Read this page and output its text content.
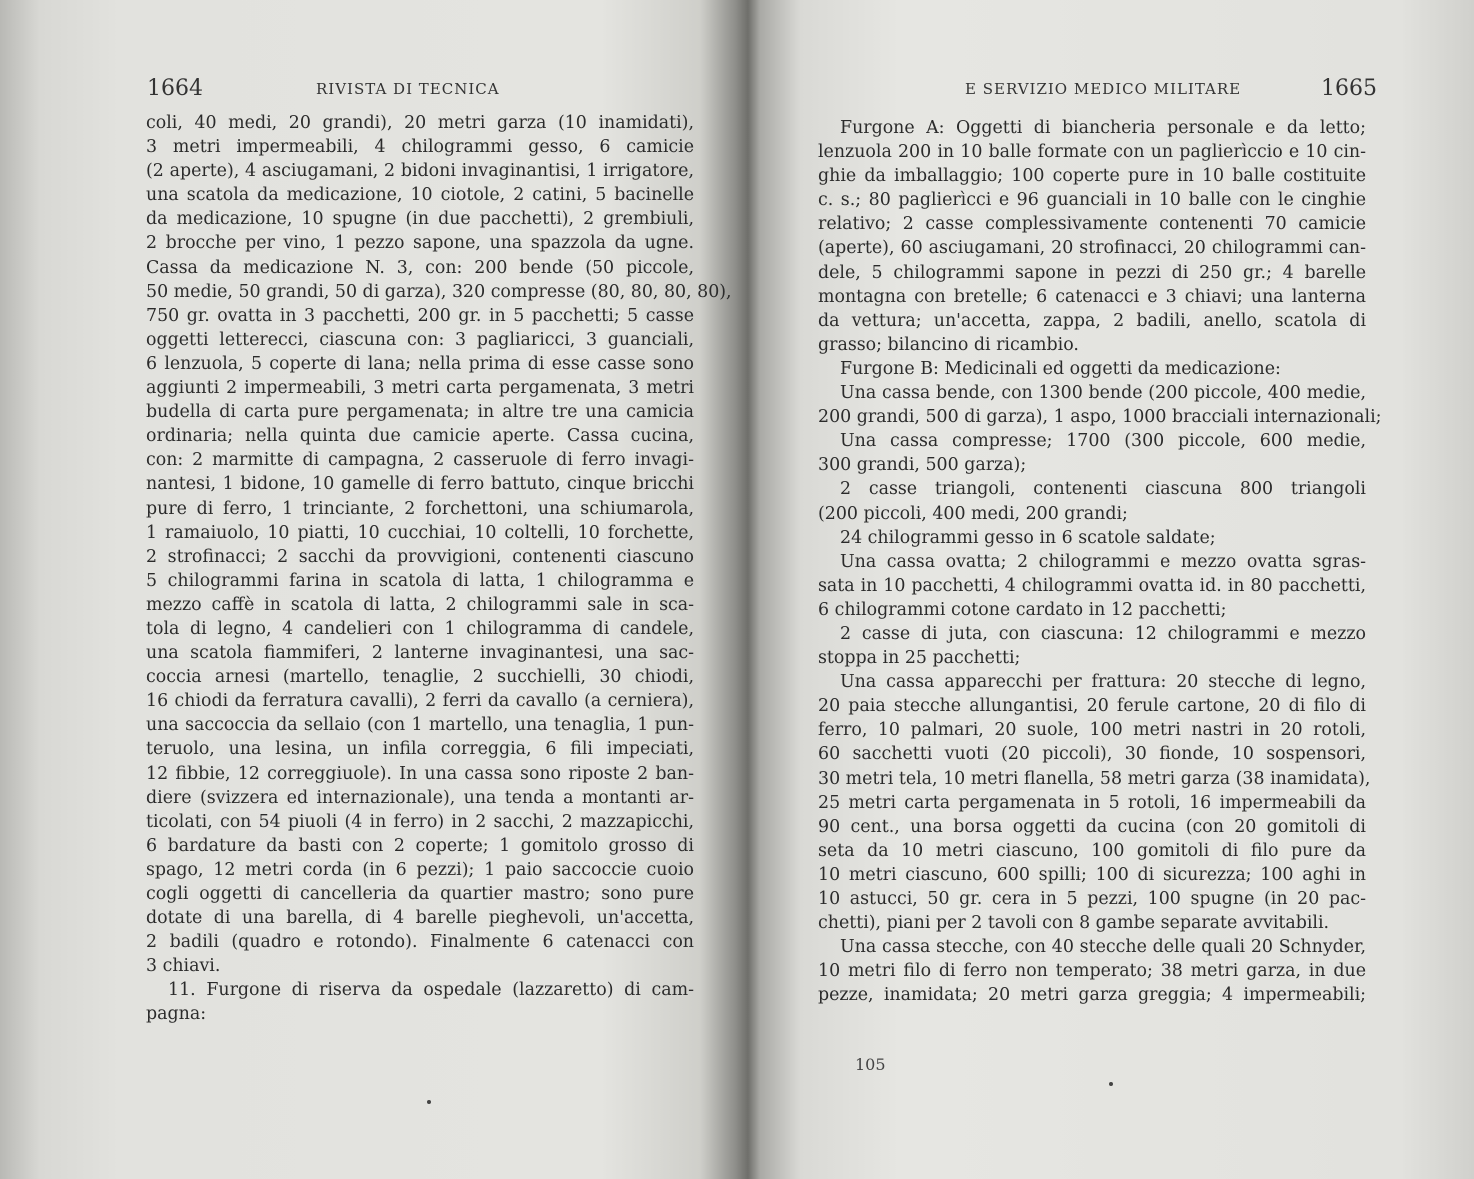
1664	RIVISTA DI TECNICA
coli, 40 medi, 20 grandi), 20 metri garza (10 inamidati),
3 metri impermeabili, 4 chilogrammi gesso, 6 camicie
(2 aperte), 4 asciugamani, 2 bidoni invaginantisi, 1 irrigatore,
una scatola da medicazione, 10 ciotole, 2 catini, 5 bacinelle
da medicazione, 10 spugne (in due pacchetti), 2 grembiuli,
2 brocche per vino, 1 pezzo sapone, una spazzola da ugne.
Cassa da medicazione N. 3, con: 200 bende (50 piccole,
50 medie, 50 grandi, 50 di garza), 320 compresse (80, 80, 80, 80),
750 gr. ovatta in 3 pacchetti, 200 gr. in 5 pacchetti; 5 casse
oggetti letterecci, ciascuna con: 3 pagliaricci, 3 guanciali,
6 lenzuola, 5 coperte di lana; nella prima di esse casse sono
aggiunti 2 impermeabili, 3 metri carta pergamenata, 3 metri
budella di carta pure pergamenata; in altre tre una camicia
ordinaria; nella quinta due camicie aperte. Cassa cucina,
con: 2 marmitte di campagna, 2 casseruole di ferro invagi-
nantesi, 1 bidone, 10 gamelle di ferro battuto, cinque bricchi
pure di ferro, 1 trinciante, 2 forchettoni, una schiumarola,
1 ramaiuolo, 10 piatti, 10 cucchiai, 10 coltelli, 10 forchette,
2 strofinacci; 2 sacchi da provvigioni, contenenti ciascuno
5 chilogrammi farina in scatola di latta, 1 chilogramma e
mezzo caffè in scatola di latta, 2 chilogrammi sale in sca-
tola di legno, 4 candelieri con 1 chilogramma di candele,
una scatola fiammiferi, 2 lanterne invaginantesi, una sac-
coccia arnesi (martello, tenaglie, 2 succhielli, 30 chiodi,
16 chiodi da ferratura cavalli), 2 ferri da cavallo (a cerniera),
una saccoccia da sellaio (con 1 martello, una tenaglia, 1 pun-
teruolo, una lesina, un infila correggia, 6 fili impeciati,
12 fibbie, 12 correggiuole). In una cassa sono riposte 2 ban-
diere (svizzera ed internazionale), una tenda a montanti ar-
ticolati, con 54 piuoli (4 in ferro) in 2 sacchi, 2 mazzapicchi,
6 bardature da basti con 2 coperte; 1 gomitolo grosso di
spago, 12 metri corda (in 6 pezzi); 1 paio saccoccie cuoio
cogli oggetti di cancelleria da quartier mastro; sono pure
dotate di una barella, di 4 barelle pieghevoli, un'accetta,
2 badili (quadro e rotondo). Finalmente 6 catenacci con
3 chiavi.
11. Furgone di riserva da ospedale (lazzaretto) di cam-
pagna:
E SERVIZIO MEDICO MILITARE	1665
Furgone A: Oggetti di biancheria personale e da letto;
lenzuola 200 in 10 balle formate con un paglierìccio e 10 cin-
ghie da imballaggio; 100 coperte pure in 10 balle costituite
c. s.; 80 paglierìcci e 96 guanciali in 10 balle con le cinghie
relativo; 2 casse complessivamente contenenti 70 camicie
(aperte), 60 asciugamani, 20 strofinacci, 20 chilogrammi can-
dele, 5 chilogrammi sapone in pezzi di 250 gr.; 4 barelle
montagna con bretelle; 6 catenacci e 3 chiavi; una lanterna
da vettura; un'accetta, zappa, 2 badili, anello, scatola di
grasso; bilancino di ricambio.
Furgone B: Medicinali ed oggetti da medicazione:
Una cassa bende, con 1300 bende (200 piccole, 400 medie,
200 grandi, 500 di garza), 1 aspo, 1000 bracciali internazionali;
Una cassa compresse; 1700 (300 piccole, 600 medie,
300 grandi, 500 garza);
2 casse triangoli, contenenti ciascuna 800 triangoli
(200 piccoli, 400 medi, 200 grandi;
24 chilogrammi gesso in 6 scatole saldate;
Una cassa ovatta; 2 chilogrammi e mezzo ovatta sgras-
sata in 10 pacchetti, 4 chilogrammi ovatta id. in 80 pacchetti,
6 chilogrammi cotone cardato in 12 pacchetti;
2 casse di juta, con ciascuna: 12 chilogrammi e mezzo
stoppa in 25 pacchetti;
Una cassa apparecchi per frattura: 20 stecche di legno,
20 paia stecche allungantisi, 20 ferule cartone, 20 di filo di
ferro, 10 palmari, 20 suole, 100 metri nastri in 20 rotoli,
60 sacchetti vuoti (20 piccoli), 30 fionde, 10 sospensori,
30 metri tela, 10 metri flanella, 58 metri garza (38 inamidata),
25 metri carta pergamenata in 5 rotoli, 16 impermeabili da
90 cent., una borsa oggetti da cucina (con 20 gomitoli di
seta da 10 metri ciascuno, 100 gomitoli di filo pure da
10 metri ciascuno, 600 spilli; 100 di sicurezza; 100 aghi in
10 astucci, 50 gr. cera in 5 pezzi, 100 spugne (in 20 pac-
chetti), piani per 2 tavoli con 8 gambe separate avvitabili.
Una cassa stecche, con 40 stecche delle quali 20 Schnyder,
10 metri filo di ferro non temperato; 38 metri garza, in due
pezze, inamidata; 20 metri garza greggia; 4 impermeabili;
105
